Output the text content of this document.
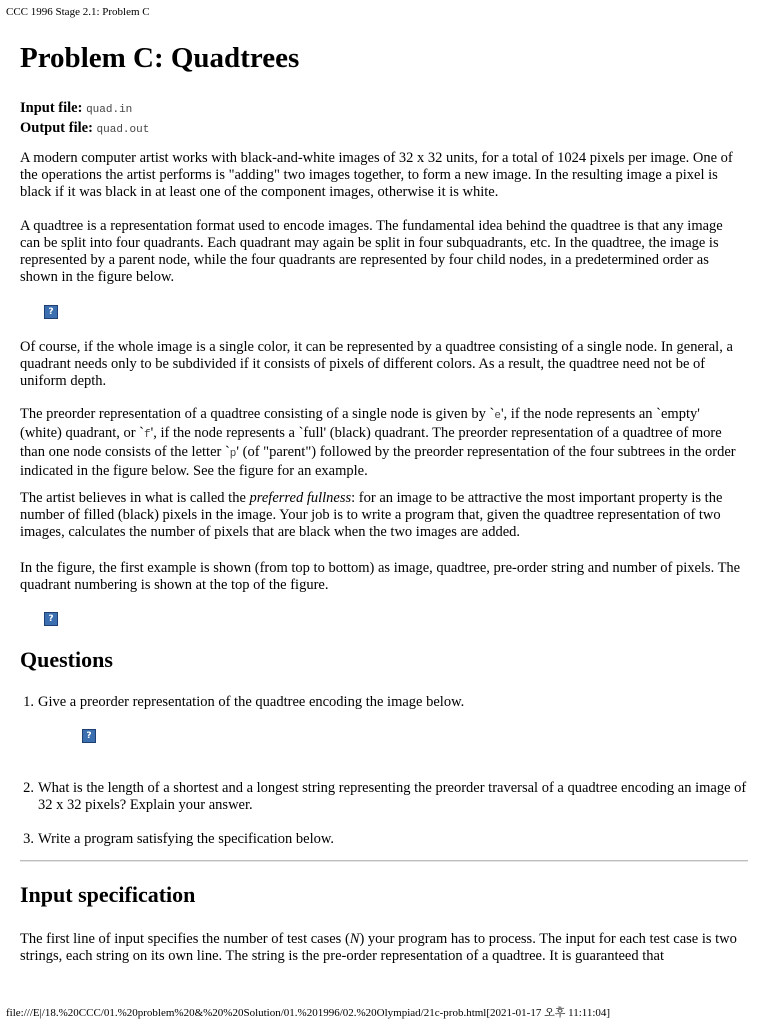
CCC 1996 Stage 2.1: Problem C
Problem C: Quadtrees
Input file: quad.in
Output file: quad.out

A modern computer artist works with black-and-white images of 32 x 32 units, for a total of 1024 pixels per image. One of the operations the artist performs is "adding" two images together, to form a new image. In the resulting image a pixel is black if it was black in at least one of the component images, otherwise it is white.

A quadtree is a representation format used to encode images. The fundamental idea behind the quadtree is that any image can be split into four quadrants. Each quadrant may again be split in four subquadrants, etc. In the quadtree, the image is represented by a parent node, while the four quadrants are represented by four child nodes, in a predetermined order as shown in the figure below.

?

Of course, if the whole image is a single color, it can be represented by a quadtree consisting of a single node. In general, a quadrant needs only to be subdivided if it consists of pixels of different colors. As a result, the quadtree need not be of uniform depth.

The preorder representation of a quadtree consisting of a single node is given by `e', if the node represents an `empty' (white) quadrant, or `f', if the node represents a `full' (black) quadrant. The preorder representation of a quadtree of more than one node consists of the letter `p' (of "parent") followed by the preorder representation of the four subtrees in the order indicated in the figure below. See the figure for an example.

The artist believes in what is called the preferred fullness: for an image to be attractive the most important property is the number of filled (black) pixels in the image. Your job is to write a program that, given the quadtree representation of two images, calculates the number of pixels that are black when the two images are added.

In the figure, the first example is shown (from top to bottom) as image, quadtree, pre-order string and number of pixels. The quadrant numbering is shown at the top of the figure.

?
Questions
1. Give a preorder representation of the quadtree encoding the image below.
2. What is the length of a shortest and a longest string representing the preorder traversal of a quadtree encoding an image of 32 x 32 pixels? Explain your answer.
3. Write a program satisfying the specification below.
?
Input specification

The first line of input specifies the number of test cases (N) your program has to process. The input for each test case is two strings, each string on its own line. The string is the pre-order representation of a quadtree. It is guaranteed that

file:///E|/18.%20CCC/01.%20problem%20&%20%20Solution/01.%201996/02.%20Olympiad/21c-prob.html[2021-01-17 오후 11:11:04]
